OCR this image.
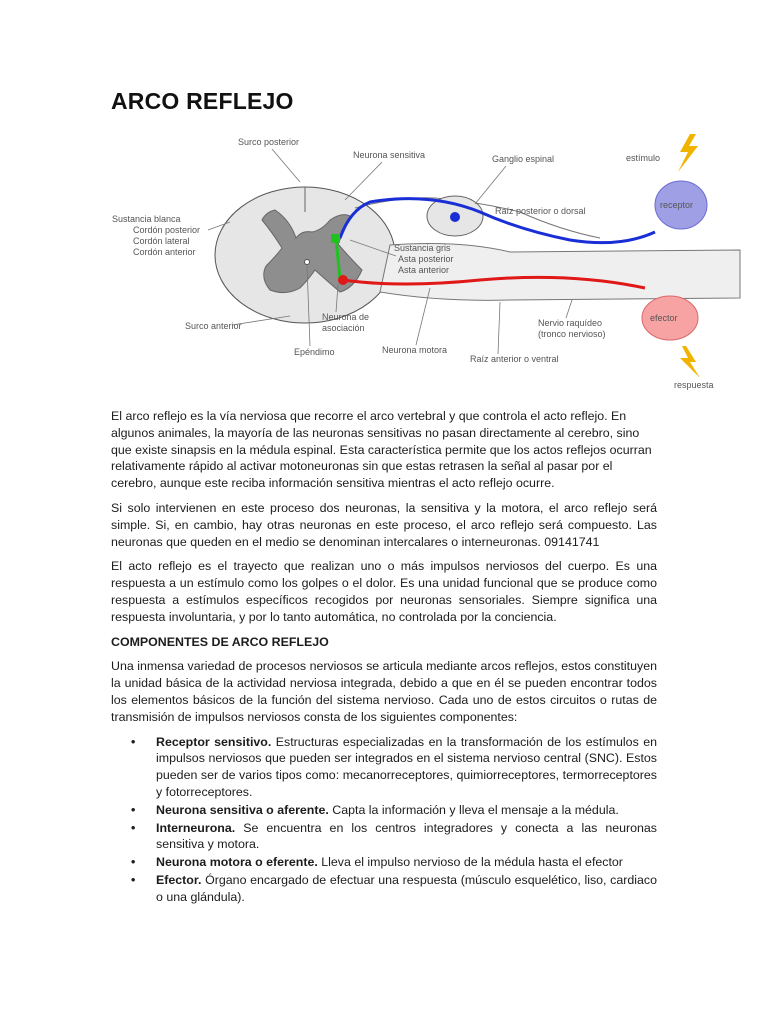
ARCO REFLEJO
Surco posterior
Neurona sensitiva	Ganglio espinal	estímulo
Sustancia blanca
Cordón posterior
Cordón lateral
Cordón anterior
Raíz posterior o dorsal
receptor
Sustancia gris
Asta posterior
Asta anterior
efector
Surco anterior
Neurona de
asociación	Nervio raquídeo
(tronco nervioso)
Epéndimo	Neurona motora
Raíz anterior o ventral
respuesta

El arco reflejo es la vía nerviosa que recorre el arco vertebral y que controla el acto reflejo. En algunos animales, la mayoría de las neuronas sensitivas no pasan directamente al cerebro, sino que existe sinapsis en la médula espinal. Esta característica permite que los actos reflejos ocurran relativamente rápido al activar motoneuronas sin que estas retrasen la señal al pasar por el cerebro, aunque este reciba información sensitiva mientras el acto reflejo ocurre.

Si solo intervienen en este proceso dos neuronas, la sensitiva y la motora, el arco reflejo será simple. Si, en cambio, hay otras neuronas en este proceso, el arco reflejo será compuesto. Las neuronas que queden en el medio se denominan intercalares o interneuronas. 09141741

El acto reflejo es el trayecto que realizan uno o más impulsos nerviosos del cuerpo. Es una respuesta a un estímulo como los golpes o el dolor. Es una unidad funcional que se produce como respuesta a estímulos específicos recogidos por neuronas sensoriales. Siempre significa una respuesta involuntaria, y por lo tanto automática, no controlada por la conciencia.

COMPONENTES DE ARCO REFLEJO

Una inmensa variedad de procesos nerviosos se articula mediante arcos reflejos, estos constituyen la unidad básica de la actividad nerviosa integrada, debido a que en él se pueden encontrar todos los elementos básicos de la función del sistema nervioso. Cada uno de estos circuitos o rutas de transmisión de impulsos nerviosos consta de los siguientes componentes:

• Receptor sensitivo. Estructuras especializadas en la transformación de los estímulos en impulsos nerviosos que pueden ser integrados en el sistema nervioso central (SNC). Estos pueden ser de varios tipos como: mecanorreceptores, quimiorreceptores, termorreceptores y fotorreceptores.
• Neurona sensitiva o aferente. Capta la información y lleva el mensaje a la médula.
• Interneurona. Se encuentra en los centros integradores y conecta a las neuronas sensitiva y motora.
• Neurona motora o eferente. Lleva el impulso nervioso de la médula hasta el efector
• Efector. Órgano encargado de efectuar una respuesta (músculo esquelético, liso, cardiaco o una glándula).
